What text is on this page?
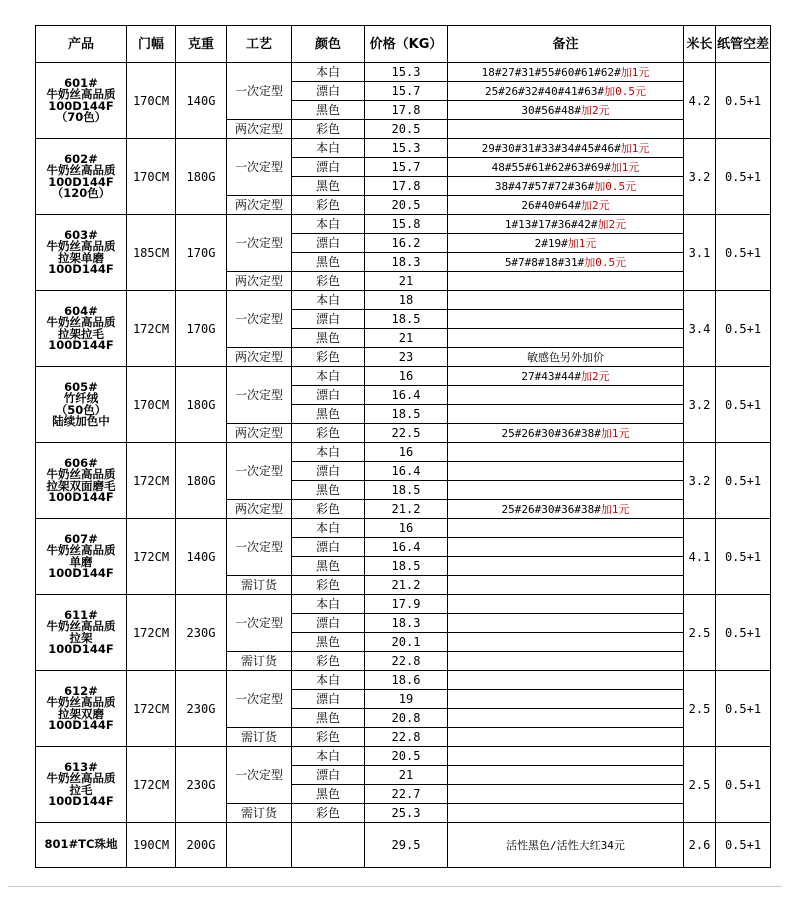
产品	门幅	克重	工艺	颜色	价格（KG）	备注	米长	纸管空差

601#
牛奶丝高品质
100D144F
（70色）	170CM	140G	一次定型	本白	15.3	18#27#31#55#60#61#62#加1元	4.2	0.5+1
				漂白	15.7	25#26#32#40#41#63#加0.5元		
				黑色	17.8	30#56#48#加2元		
			两次定型	彩色	20.5			

602#
牛奶丝高品质
100D144F
（120色）	170CM	180G	一次定型	本白	15.3	29#30#31#33#34#45#46#加1元	3.2	0.5+1
				漂白	15.7	48#55#61#62#63#69#加1元		
				黑色	17.8	38#47#57#72#36#加0.5元		
			两次定型	彩色	20.5	26#40#64#加2元		

603#
牛奶丝高品质
拉架单磨
100D144F	185CM	170G	一次定型	本白	15.8	1#13#17#36#42#加2元	3.1	0.5+1
				漂白	16.2	2#19#加1元		
				黑色	18.3	5#7#8#18#31#加0.5元		
			两次定型	彩色	21			

604#
牛奶丝高品质
拉架拉毛
100D144F	172CM	170G	一次定型	本白	18		3.4	0.5+1
				漂白	18.5			
				黑色	21			
			两次定型	彩色	23	敏感色另外加价		

605#
竹纤绒
（50色）
陆续加色中	170CM	180G	一次定型	本白	16	27#43#44#加2元	3.2	0.5+1
				漂白	16.4			
				黑色	18.5			
			两次定型	彩色	22.5	25#26#30#36#38#加1元		

606#
牛奶丝高品质
拉架双面磨毛
100D144F	172CM	180G	一次定型	本白	16		3.2	0.5+1
				漂白	16.4			
				黑色	18.5			
			两次定型	彩色	21.2	25#26#30#36#38#加1元		

607#
牛奶丝高品质
单磨
100D144F	172CM	140G	一次定型	本白	16		4.1	0.5+1
				漂白	16.4			
				黑色	18.5			
			需订货	彩色	21.2			

611#
牛奶丝高品质
拉架
100D144F	172CM	230G	一次定型	本白	17.9		2.5	0.5+1
				漂白	18.3			
				黑色	20.1			
			需订货	彩色	22.8			

612#
牛奶丝高品质
拉架双磨
100D144F	172CM	230G	一次定型	本白	18.6		2.5	0.5+1
				漂白	19			
				黑色	20.8			
			需订货	彩色	22.8			

613#
牛奶丝高品质
拉毛
100D144F	172CM	230G	一次定型	本白	20.5		2.5	0.5+1
				漂白	21			
				黑色	22.7			
			需订货	彩色	25.3			
801#TC珠地	190CM	200G			29.5	活性黑色/活性大红34元	2.6	0.5+1
